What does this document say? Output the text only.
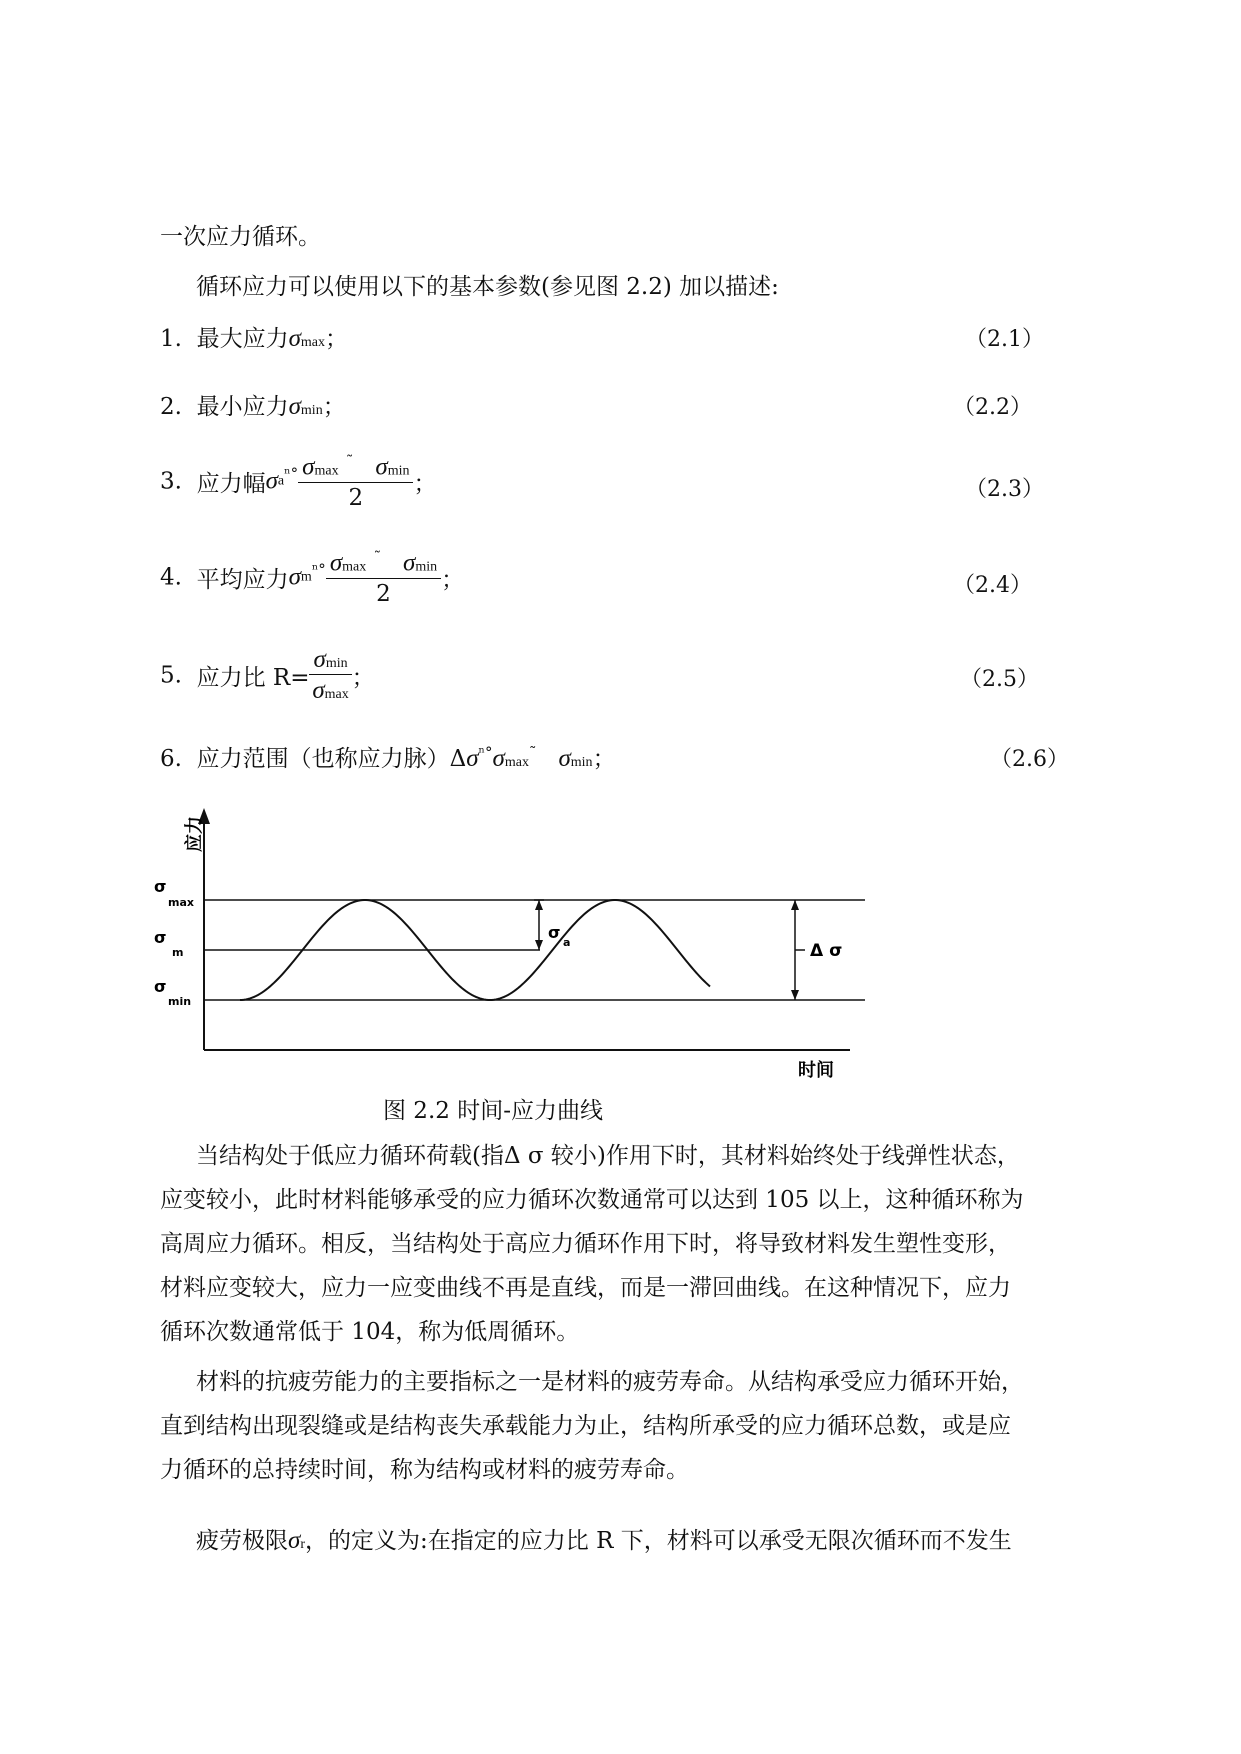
一次应力循环。
循环应力可以使用以下的基本参数(参见图 2.2) 加以描述:
1. 最大应力σmax；	（2.1）
2. 最小应力σmin；	（2.2）
3. 应力幅$\sigma a^{^n^\circ} \frac{\sigma\max ^˜ \sigma\min}{2}$ ；	（2.3）
4. 平均应力$\sigma m^{^n^\circ} \frac{\sigma\max ^˜ \sigma\min}{2}$ ；	（2.4）
5. 应力比 $R= \frac{\sigma\min}{\sigma\max}$ ；	（2.5）
6. 应力范围（也称应力脉）$\Delta\sigma^{^n^\circ}\sigma\max^˜$ σmin；	（2.6）
σ
a	Δ σ
应力
σ
max
σ
m
σ
min
时间
图 2.2 时间-应力曲线
当结构处于低应力循环荷载(指Δ σ 较小)作用下时，其材料始终处于线弹性状态，
应变较小，此时材料能够承受的应力循环次数通常可以达到 105 以上，这种循环称为
高周应力循环。相反，当结构处于高应力循环作用下时，将导致材料发生塑性变形，
材料应变较大，应力一应变曲线不再是直线，而是一滞回曲线。在这种情况下，应力
循环次数通常低于 104，称为低周循环。
材料的抗疲劳能力的主要指标之一是材料的疲劳寿命。从结构承受应力循环开始，
直到结构出现裂缝或是结构丧失承载能力为止，结构所承受的应力循环总数，或是应
力循环的总持续时间，称为结构或材料的疲劳寿命。
疲劳极限σr，的定义为:在指定的应力比 R 下，材料可以承受无限次循环而不发生
